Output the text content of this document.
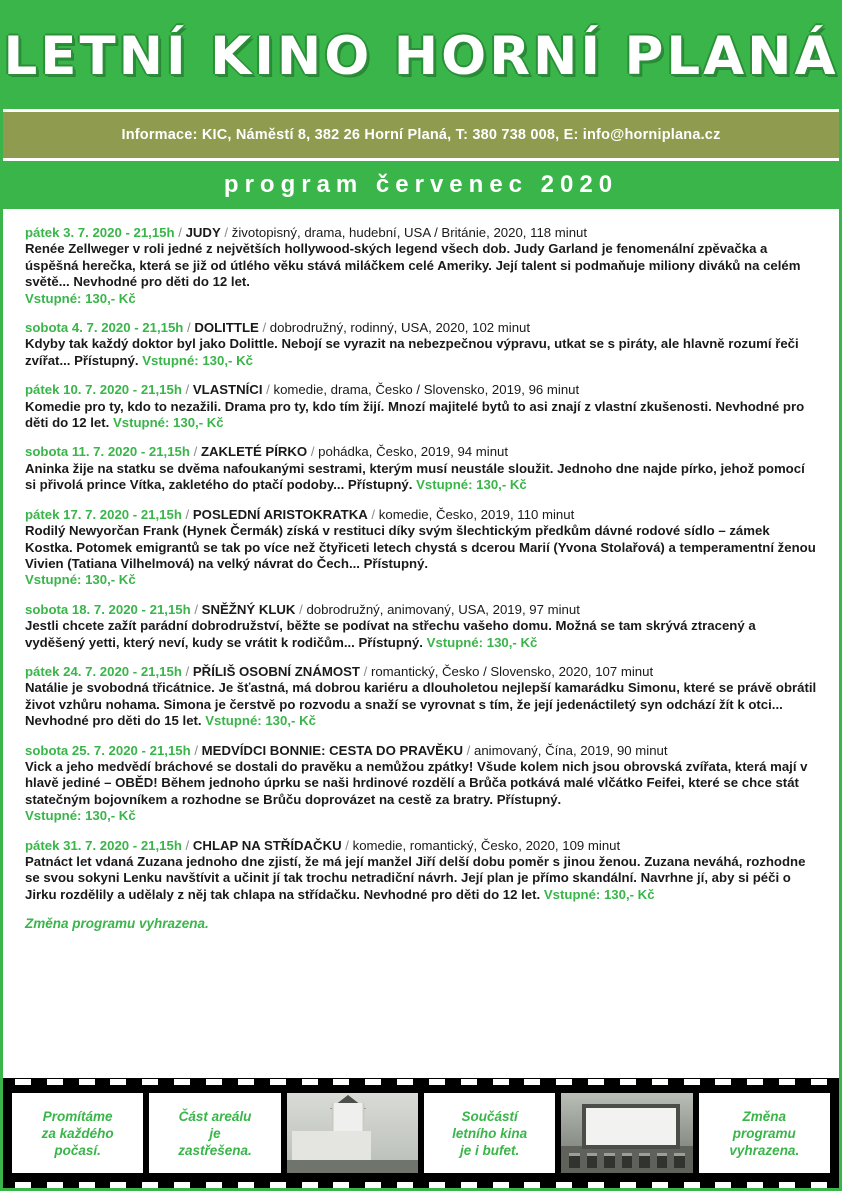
LETNÍ KINO HORNÍ PLANÁ
Informace: KIC, Náměstí 8, 382 26 Horní Planá, T: 380 738 008, E: info@horniplana.cz
program červenec 2020
pátek 3. 7. 2020 - 21,15h / JUDY / životopisný, drama, hudební, USA / Británie, 2020, 118 minut
Renée Zellweger v roli jedné z největších hollywood-ských legend všech dob. Judy Garland je fenomenální zpěvačka a úspěšná herečka, která se již od útlého věku stává miláčkem celé Ameriky. Její talent si podmaňuje miliony diváků na celém světě... Nevhodné pro děti do 12 let.
Vstupné: 130,- Kč
sobota 4. 7. 2020 - 21,15h / DOLITTLE / dobrodružný, rodinný, USA, 2020, 102 minut
Kdyby tak každý doktor byl jako Dolittle. Nebojí se vyrazit na nebezpečnou výpravu, utkat se s piráty, ale hlavně rozumí řeči zvířat... Přístupný. Vstupné: 130,- Kč
pátek 10. 7. 2020 - 21,15h / VLASTNÍCI / komedie, drama, Česko / Slovensko, 2019, 96 minut
Komedie pro ty, kdo to nezažili. Drama pro ty, kdo tím žijí. Mnozí majitelé bytů to asi znají z vlastní zkušenosti. Nevhodné pro děti do 12 let. Vstupné: 130,- Kč
sobota 11. 7. 2020 - 21,15h / ZAKLETÉ PÍRKO / pohádka, Česko, 2019, 94 minut
Aninka žije na statku se dvěma nafoukanými sestrami, kterým musí neustále sloužit. Jednoho dne najde pírko, jehož pomocí si přivolá prince Vítka, zakletého do ptačí podoby... Přístupný. Vstupné: 130,- Kč
pátek 17. 7. 2020 - 21,15h / POSLEDNÍ ARISTOKRATKA / komedie, Česko, 2019, 110 minut
Rodilý Newyorčan Frank (Hynek Čermák) získá v restituci díky svým šlechtickým předkům dávné rodové sídlo – zámek Kostka. Potomek emigrantů se tak po více než čtyřiceti letech chystá s dcerou Marií (Yvona Stolařová) a temperamentní ženou Vivien (Tatiana Vilhelmová) na velký návrat do Čech... Přístupný.
Vstupné: 130,- Kč
sobota 18. 7. 2020 - 21,15h / SNĚŽNÝ KLUK / dobrodružný, animovaný, USA, 2019, 97 minut
Jestli chcete zažít parádní dobrodružství, běžte se podívat na střechu vašeho domu. Možná se tam skrývá ztracený a vyděšený yetti, který neví, kudy se vrátit k rodičům... Přístupný. Vstupné: 130,- Kč
pátek 24. 7. 2020 - 21,15h / PŘÍLIŠ OSOBNÍ ZNÁMOST / romantický, Česko / Slovensko, 2020, 107 minut
Natálie je svobodná třicátnice. Je šťastná, má dobrou kariéru a dlouholetou nejlepší kamarádku Simonu, které se právě obrátil život vzhůru nohama. Simona je čerstvě po rozvodu a snaží se vyrovnat s tím, že její jedenáctiletý syn odchází žít k otci... Nevhodné pro děti do 15 let. Vstupné: 130,- Kč
sobota 25. 7. 2020 - 21,15h / MEDVÍDCI BONNIE: CESTA DO PRAVĚKU / animovaný, Čína, 2019, 90 minut
Vick a jeho medvědí bráchové se dostali do pravěku a nemůžou zpátky! Všude kolem nich jsou obrovská zvířata, která mají v hlavě jediné – OBĚD! Během jednoho úprku se naši hrdinové rozdělí a Brůča potkává malé vlčátko Feifei, které se chce stát statečným bojovníkem a rozhodne se Brůču doprovázet na cestě za bratry. Přístupný.
Vstupné: 130,- Kč
pátek 31. 7. 2020 - 21,15h / CHLAP NA STŘÍDAČKU / komedie, romantický, Česko, 2020, 109 minut
Patnáct let vdaná Zuzana jednoho dne zjistí, že má její manžel Jiří delší dobu poměr s jinou ženou. Zuzana neváhá, rozhodne se svou sokyni Lenku navštívit a učinit jí tak trochu netradiční návrh. Její plan je přímo skandální. Navrhne jí, aby si péči o Jirku rozdělily a udělaly z něj tak chlapa na střídačku. Nevhodné pro děti do 12 let. Vstupné: 130,- Kč
Změna programu vyhrazena.
Promítáme
za každého
počasí.
Část areálu
je
zastřešena.
Součástí
letního kina
je i bufet.
Změna
programu
vyhrazena.
